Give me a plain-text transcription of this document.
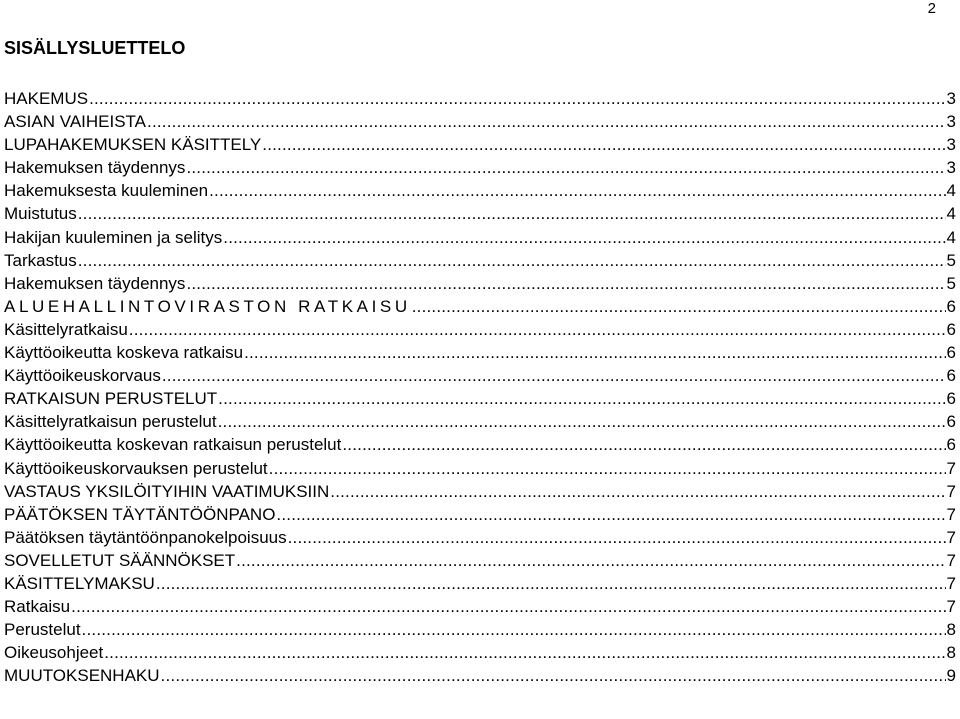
2
SISÄLLYSLUETTELO
HAKEMUS .....	3
ASIAN VAIHEISTA .....	3
LUPAHAKEMUKSEN KÄSITTELY .....	3
Hakemuksen täydennys .....	3
Hakemuksesta kuuleminen .....	4
Muistutus .....	4
Hakijan kuuleminen ja selitys .....	4
Tarkastus .....	5
Hakemuksen täydennys .....	5
ALUEHALLINTOVIRASTON RATKAISU .....	6
Käsittelyratkaisu .....	6
Käyttöoikeutta koskeva ratkaisu .....	6
Käyttöoikeuskorvaus .....	6
RATKAISUN PERUSTELUT .....	6
Käsittelyratkaisun perustelut .....	6
Käyttöoikeutta koskevan ratkaisun perustelut .....	6
Käyttöoikeuskorvauksen perustelut .....	7
VASTAUS YKSILÖITYIHIN VAATIMUKSIIN .....	7
PÄÄTÖKSEN TÄYTÄNTÖÖNPANO .....	7
Päätöksen täytäntöönpanokelpoisuus .....	7
SOVELLETUT SÄÄNNÖKSET .....	7
KÄSITTELYMAKSU .....	7
Ratkaisu .....	7
Perustelut .....	8
Oikeusohjeet .....	8
MUUTOKSENHAKU .....	9
